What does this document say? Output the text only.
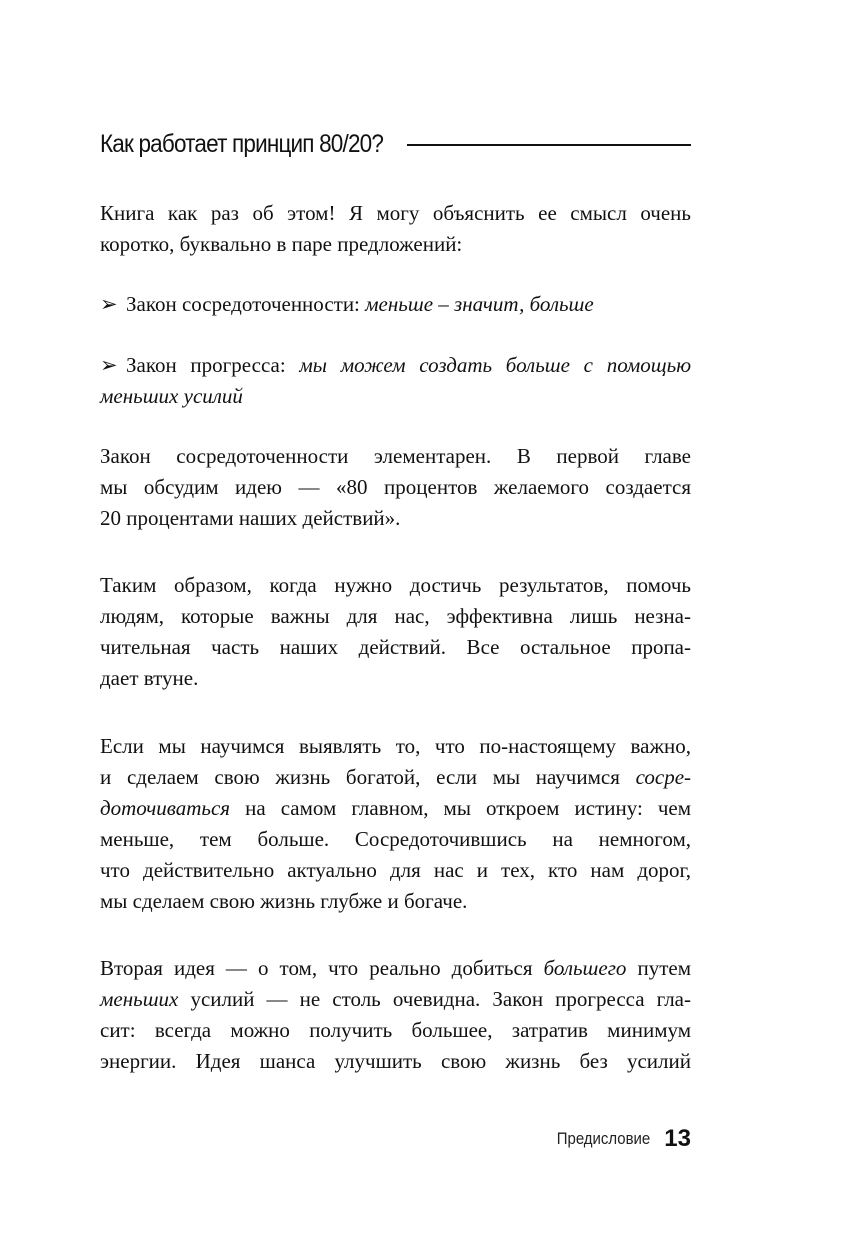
Как работает принцип 80/20?

Книга как раз об этом! Я могу объяснить ее смысл очень
коротко, буквально в паре предложений:

➢ Закон сосредоточенности: меньше – значит, больше

➢ Закон прогресса: мы можем создать больше с помощью
меньших усилий

Закон сосредоточенности элементарен. В первой главе
мы обсудим идею — «80 процентов желаемого создается
20 процентами наших действий».

Таким образом, когда нужно достичь результатов, помочь
людям, которые важны для нас, эффективна лишь незна-
чительная часть наших действий. Все остальное пропа-
дает втуне.

Если мы научимся выявлять то, что по-настоящему важно,
и сделаем свою жизнь богатой, если мы научимся сосре-
доточиваться на самом главном, мы откроем истину: чем
меньше, тем больше. Сосредоточившись на немногом,
что действительно актуально для нас и тех, кто нам дорог,
мы сделаем свою жизнь глубже и богаче.

Вторая идея — о том, что реально добиться большего путем
меньших усилий — не столь очевидна. Закон прогресса гла-
сит: всегда можно получить большее, затратив минимум
энергии. Идея шанса улучшить свою жизнь без усилий

Предисловие 13
